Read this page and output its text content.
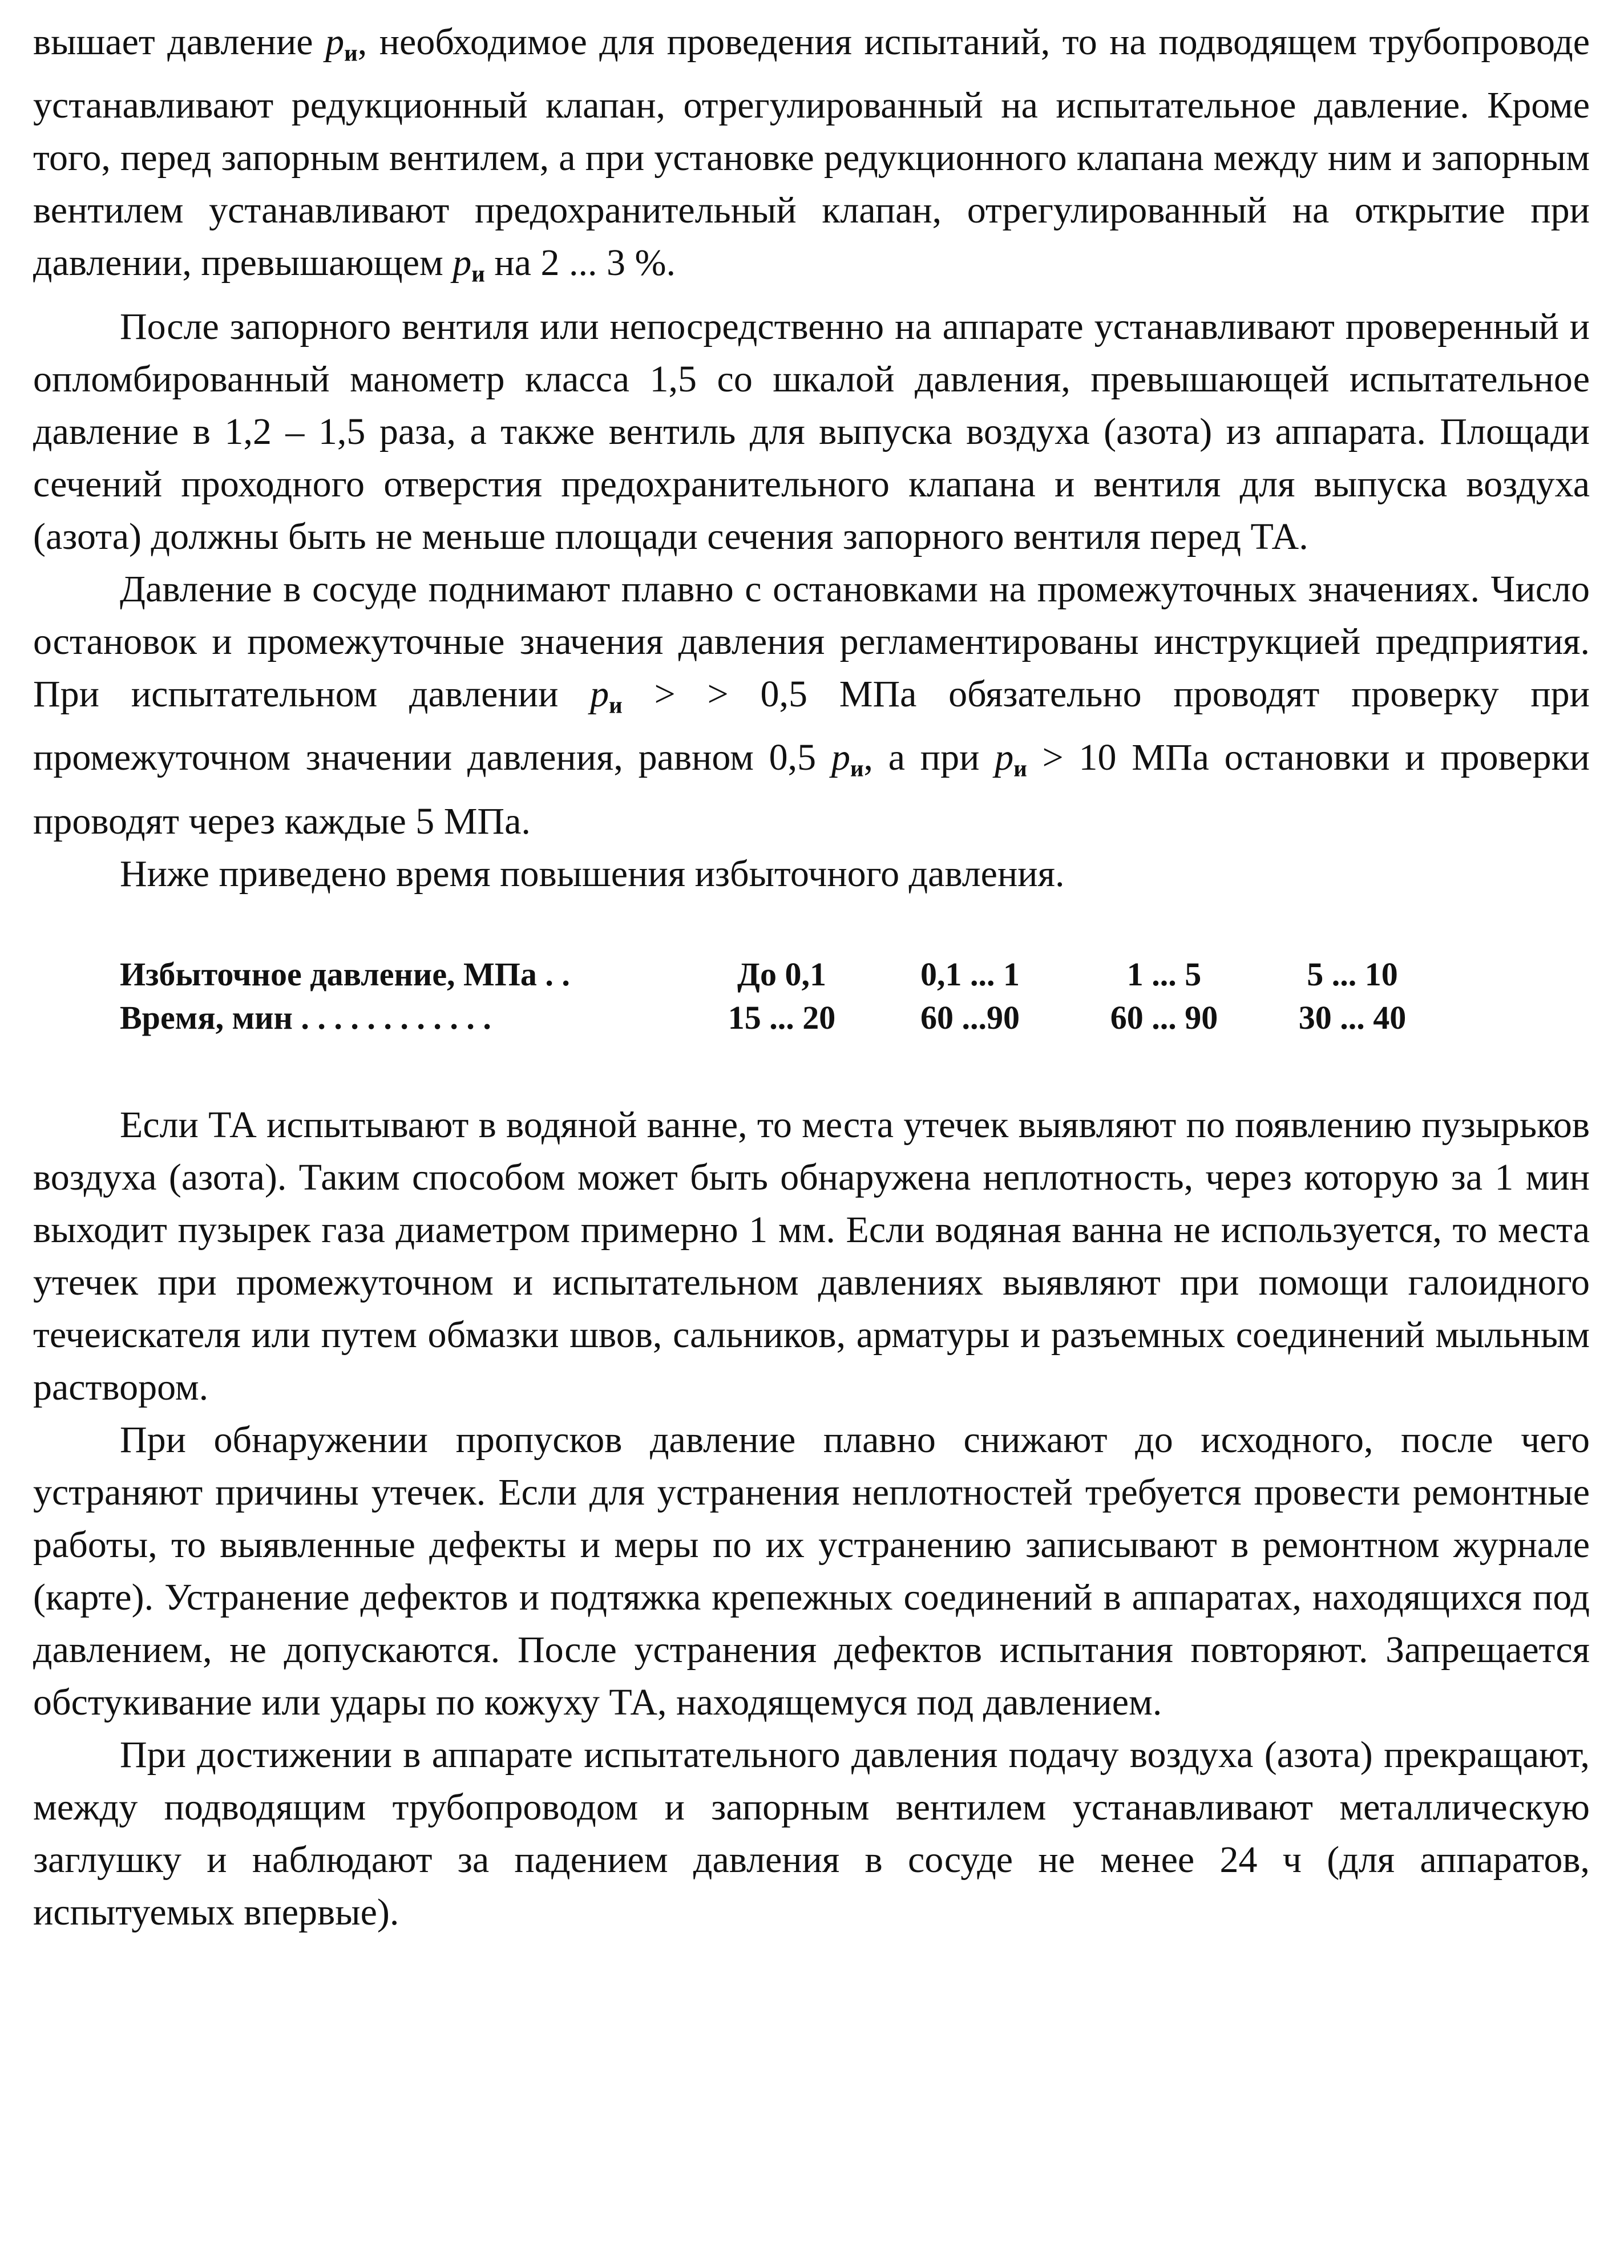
вышает давление $p_и$, необходимое для проведения испытаний, то на подводящем трубопроводе устанавливают редукционный клапан, отрегулированный на испытательное давление. Кроме того, перед запорным вентилем, а при установке редукционного клапана между ним и запорным вентилем устанавливают предохранительный клапан, отрегулированный на открытие при давлении, превышающем $p_и$ на 2 ... 3 %.

После запорного вентиля или непосредственно на аппарате устанавливают проверенный и опломбированный манометр класса 1,5 со шкалой давления, превышающей испытательное давление в 1,2 – 1,5 раза, а также вентиль для выпуска воздуха (азота) из аппарата. Площади сечений проходного отверстия предохранительного клапана и вентиля для выпуска воздуха (азота) должны быть не меньше площади сечения запорного вентиля перед ТА.

Давление в сосуде поднимают плавно с остановками на промежуточных значениях. Число остановок и промежуточные значения давления регламентированы инструкцией предприятия. При испытательном давлении $p_и$ > > 0,5 МПа обязательно проводят проверку при промежуточном значении давления, равном 0,5 $p_и$, а при $p_и > 10$ МПа остановки и проверки проводят через каждые 5 МПа.

Ниже приведено время повышения избыточного давления.

Избыточное давление, МПа . .	До 0,1	0,1 ... 1	1 ... 5	5 ... 10
Время, мин . . . . . . . . . . . .	15 ... 20	60 ...90	60 ... 90	30 ... 40

Если ТА испытывают в водяной ванне, то места утечек выявляют по появлению пузырьков воздуха (азота). Таким способом может быть обнаружена неплотность, через которую за 1 мин выходит пузырек газа диаметром примерно 1 мм. Если водяная ванна не используется, то места утечек при промежуточном и испытательном давлениях выявляют при помощи галоидного течеискателя или путем обмазки швов, сальников, арматуры и разъемных соединений мыльным раствором.

При обнаружении пропусков давление плавно снижают до исходного, после чего устраняют причины утечек. Если для устранения неплотностей требуется провести ремонтные работы, то выявленные дефекты и меры по их устранению записывают в ремонтном журнале (карте). Устранение дефектов и подтяжка крепежных соединений в аппаратах, находящихся под давлением, не допускаются. После устранения дефектов испытания повторяют. Запрещается обстукивание или удары по кожуху ТА, находящемуся под давлением.

При достижении в аппарате испытательного давления подачу воздуха (азота) прекращают, между подводящим трубопроводом и запорным вентилем устанавливают металлическую заглушку и наблюдают за падением давления в сосуде не менее 24 ч (для аппаратов, испытуемых впервые).
